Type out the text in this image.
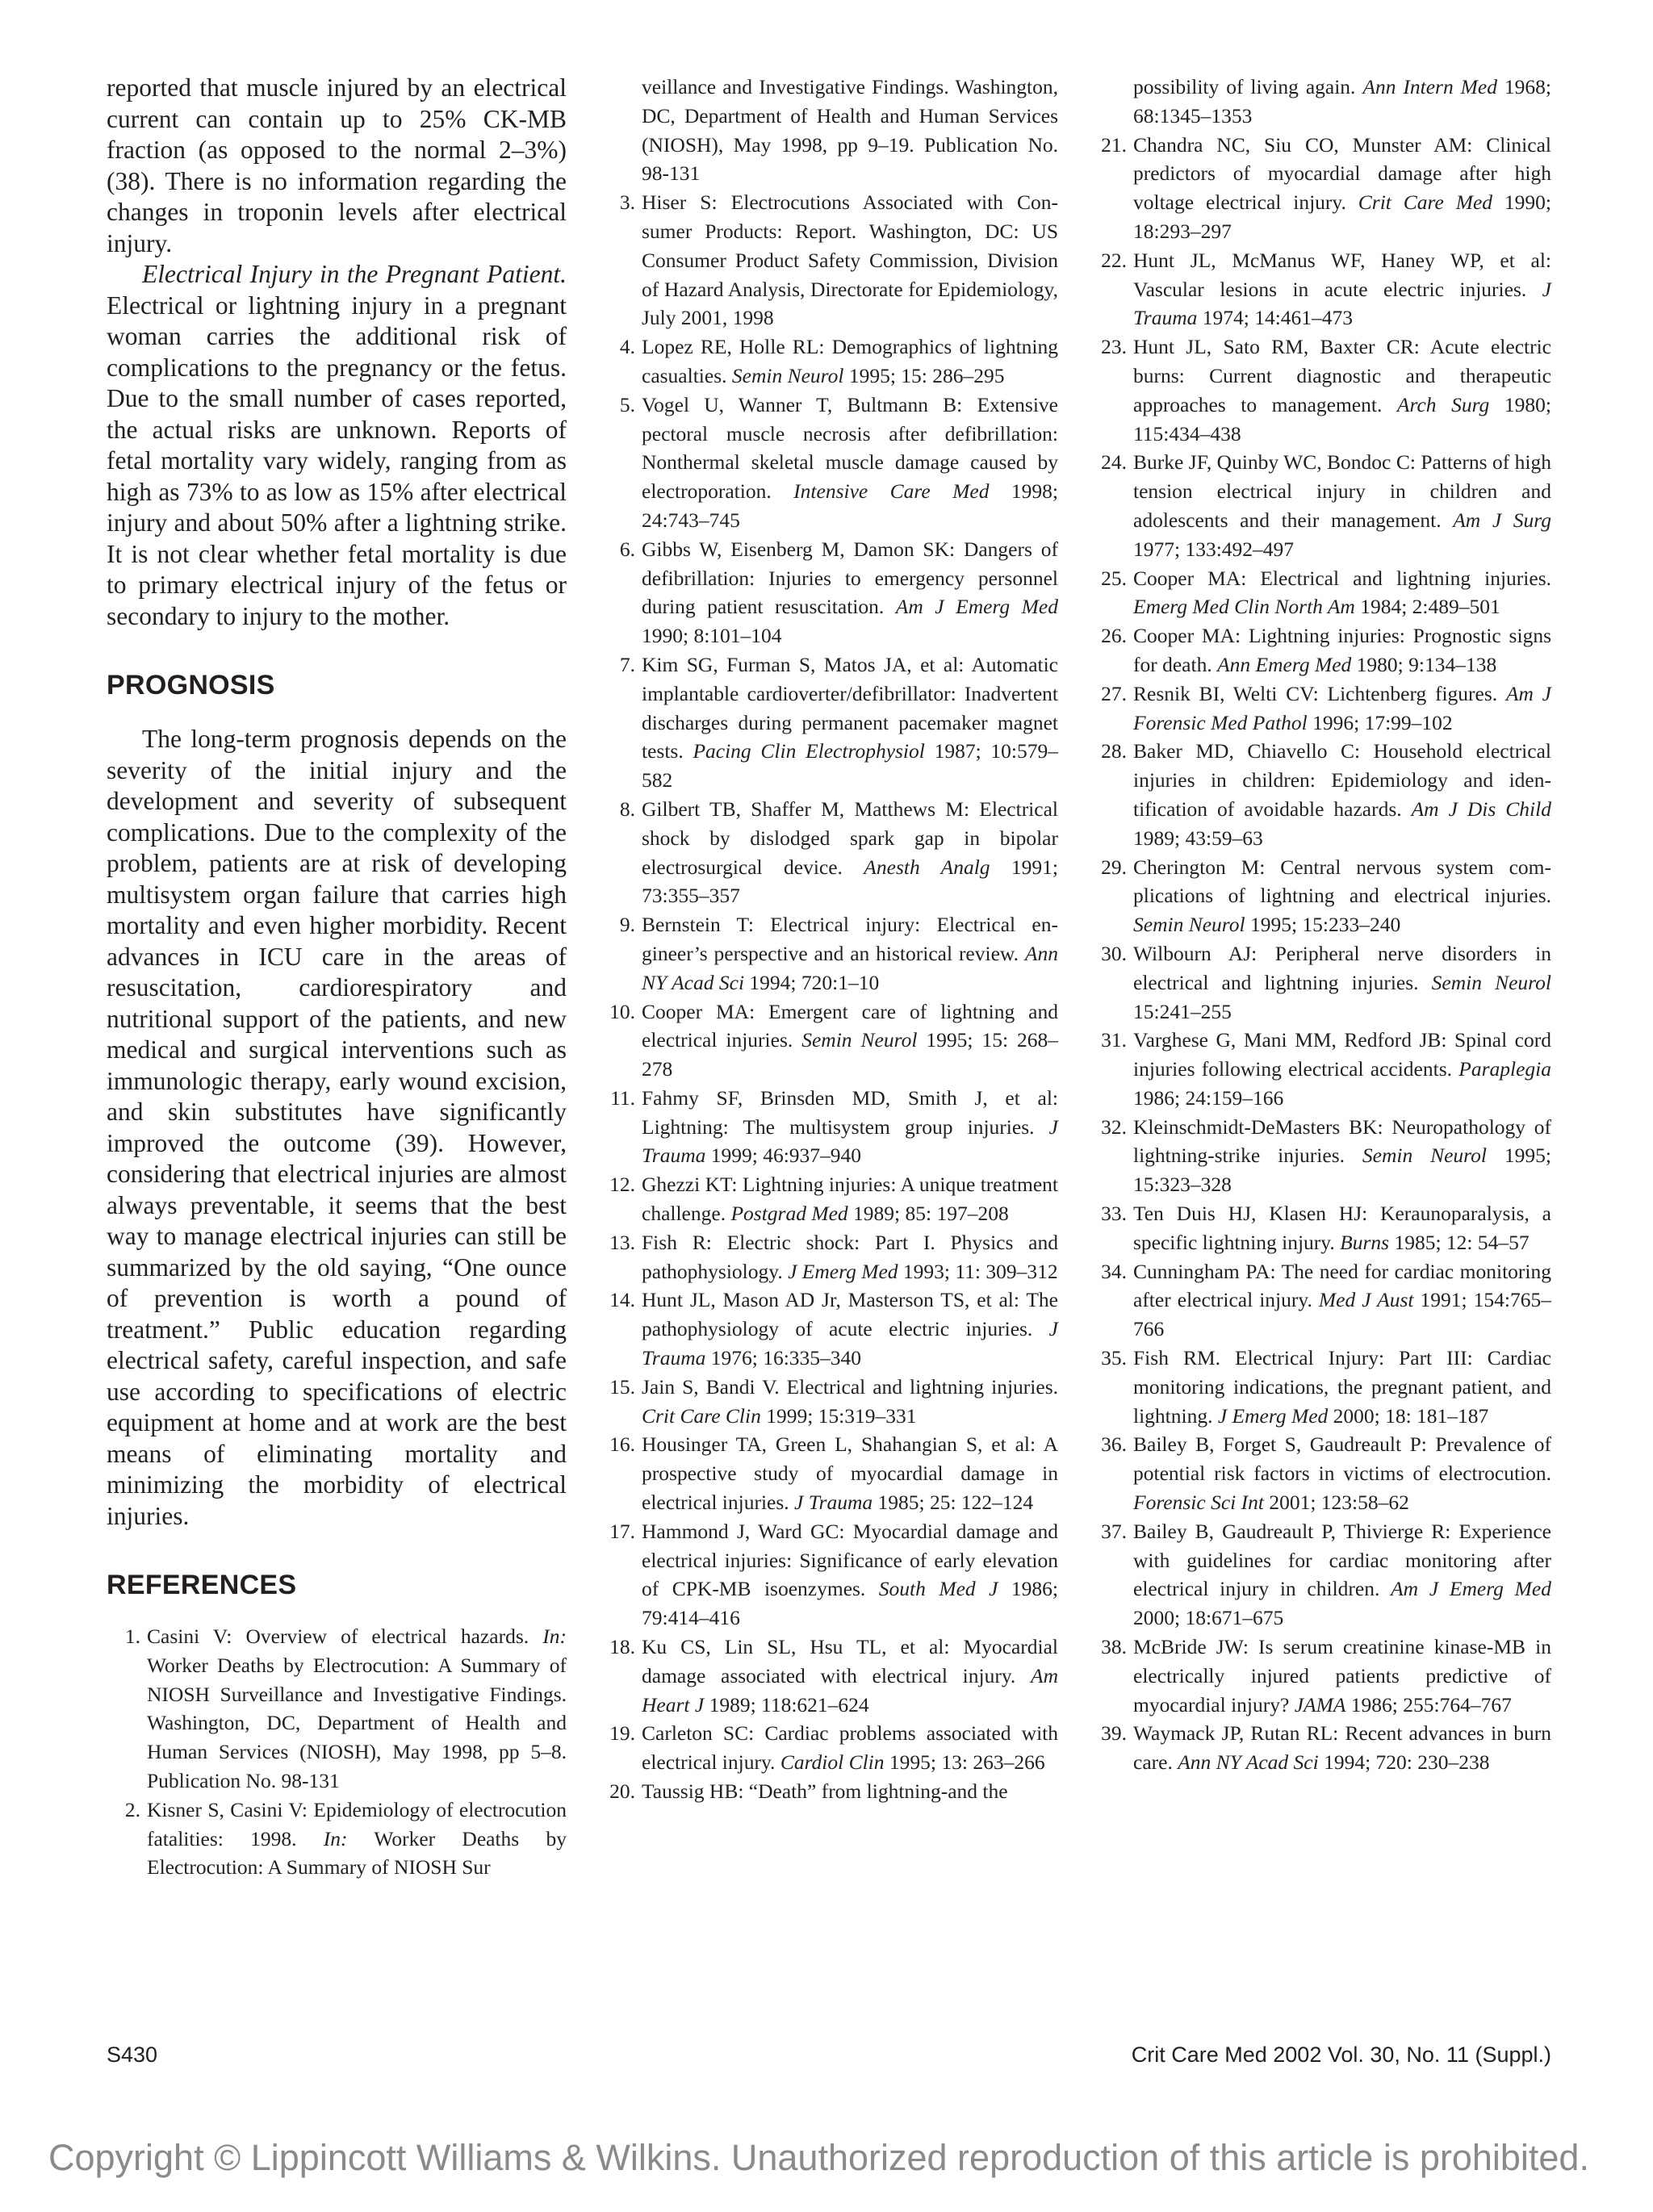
reported that muscle injured by an electrical current can contain up to 25% CK-MB fraction (as opposed to the normal 2–3%) (38). There is no information regarding the changes in troponin levels after electrical injury.

Electrical Injury in the Pregnant Patient. Electrical or lightning injury in a pregnant woman carries the additional risk of complications to the pregnancy or the fetus. Due to the small number of cases reported, the actual risks are unknown. Reports of fetal mortality vary widely, ranging from as high as 73% to as low as 15% after electrical injury and about 50% after a lightning strike. It is not clear whether fetal mortality is due to primary electrical injury of the fetus or secondary to injury to the mother.

PROGNOSIS

The long-term prognosis depends on the severity of the initial injury and the development and severity of subsequent complications. Due to the complexity of the problem, patients are at risk of developing multisystem organ failure that carries high mortality and even higher morbidity. Recent advances in ICU care in the areas of resuscitation, cardiorespiratory and nutritional support of the patients, and new medical and surgical interventions such as immunologic therapy, early wound excision, and skin substitutes have significantly improved the outcome (39). However, considering that electrical injuries are almost always preventable, it seems that the best way to manage electrical injuries can still be summarized by the old saying, “One ounce of prevention is worth a pound of treatment.” Public education regarding electrical safety, careful inspection, and safe use according to specifications of electric equipment at home and at work are the best means of eliminating mortality and minimizing the morbidity of electrical injuries.

REFERENCES
1. Casini V: Overview of electrical hazards. In: Worker Deaths by Electrocution: A Summary of NIOSH Surveillance and Investigative Findings. Washington, DC, Department of Health and Human Services (NIOSH), May 1998, pp 5–8. Publication No. 98-131
2. Kisner S, Casini V: Epidemiology of electrocution fatalities: 1998. In: Worker Deaths by Electrocution: A Summary of NIOSH Sur
veillance and Investigative Findings. Washington, DC, Department of Health and Human Services (NIOSH), May 1998, pp 9–19. Publication No. 98-131
3. Hiser S: Electrocutions Associated with Consumer Products: Report. Washington, DC: US Consumer Product Safety Commission, Division of Hazard Analysis, Directorate for Epidemiology, July 2001, 1998
4. Lopez RE, Holle RL: Demographics of lightning casualties. Semin Neurol 1995; 15: 286–295
5. Vogel U, Wanner T, Bultmann B: Extensive pectoral muscle necrosis after defibrillation: Nonthermal skeletal muscle damage caused by electroporation. Intensive Care Med 1998; 24:743–745
6. Gibbs W, Eisenberg M, Damon SK: Dangers of defibrillation: Injuries to emergency personnel during patient resuscitation. Am J Emerg Med 1990; 8:101–104
7. Kim SG, Furman S, Matos JA, et al: Automatic implantable cardioverter/defibrillator: Inadvertent discharges during permanent pacemaker magnet tests. Pacing Clin Electrophysiol 1987; 10:579–582
8. Gilbert TB, Shaffer M, Matthews M: Electrical shock by dislodged spark gap in bipolar electrosurgical device. Anesth Analg 1991; 73:355–357
9. Bernstein T: Electrical injury: Electrical engineer’s perspective and an historical review. Ann NY Acad Sci 1994; 720:1–10
10. Cooper MA: Emergent care of lightning and electrical injuries. Semin Neurol 1995; 15: 268–278
11. Fahmy SF, Brinsden MD, Smith J, et al: Lightning: The multisystem group injuries. J Trauma 1999; 46:937–940
12. Ghezzi KT: Lightning injuries: A unique treatment challenge. Postgrad Med 1989; 85: 197–208
13. Fish R: Electric shock: Part I. Physics and pathophysiology. J Emerg Med 1993; 11: 309–312
14. Hunt JL, Mason AD Jr, Masterson TS, et al: The pathophysiology of acute electric injuries. J Trauma 1976; 16:335–340
15. Jain S, Bandi V. Electrical and lightning injuries. Crit Care Clin 1999; 15:319–331
16. Housinger TA, Green L, Shahangian S, et al: A prospective study of myocardial damage in electrical injuries. J Trauma 1985; 25: 122–124
17. Hammond J, Ward GC: Myocardial damage and electrical injuries: Significance of early elevation of CPK-MB isoenzymes. South Med J 1986; 79:414–416
18. Ku CS, Lin SL, Hsu TL, et al: Myocardial damage associated with electrical injury. Am Heart J 1989; 118:621–624
19. Carleton SC: Cardiac problems associated with electrical injury. Cardiol Clin 1995; 13: 263–266
20. Taussig HB: “Death” from lightning-and the
possibility of living again. Ann Intern Med 1968; 68:1345–1353
21. Chandra NC, Siu CO, Munster AM: Clinical predictors of myocardial damage after high voltage electrical injury. Crit Care Med 1990; 18:293–297
22. Hunt JL, McManus WF, Haney WP, et al: Vascular lesions in acute electric injuries. J Trauma 1974; 14:461–473
23. Hunt JL, Sato RM, Baxter CR: Acute electric burns: Current diagnostic and therapeutic approaches to management. Arch Surg 1980; 115:434–438
24. Burke JF, Quinby WC, Bondoc C: Patterns of high tension electrical injury in children and adolescents and their management. Am J Surg 1977; 133:492–497
25. Cooper MA: Electrical and lightning injuries. Emerg Med Clin North Am 1984; 2:489–501
26. Cooper MA: Lightning injuries: Prognostic signs for death. Ann Emerg Med 1980; 9:134–138
27. Resnik BI, Welti CV: Lichtenberg figures. Am J Forensic Med Pathol 1996; 17:99–102
28. Baker MD, Chiavello C: Household electrical injuries in children: Epidemiology and identification of avoidable hazards. Am J Dis Child 1989; 43:59–63
29. Cherington M: Central nervous system complications of lightning and electrical injuries. Semin Neurol 1995; 15:233–240
30. Wilbourn AJ: Peripheral nerve disorders in electrical and lightning injuries. Semin Neurol 15:241–255
31. Varghese G, Mani MM, Redford JB: Spinal cord injuries following electrical accidents. Paraplegia 1986; 24:159–166
32. Kleinschmidt-DeMasters BK: Neuropathology of lightning-strike injuries. Semin Neurol 1995; 15:323–328
33. Ten Duis HJ, Klasen HJ: Keraunoparalysis, a specific lightning injury. Burns 1985; 12: 54–57
34. Cunningham PA: The need for cardiac monitoring after electrical injury. Med J Aust 1991; 154:765–766
35. Fish RM. Electrical Injury: Part III: Cardiac monitoring indications, the pregnant patient, and lightning. J Emerg Med 2000; 18: 181–187
36. Bailey B, Forget S, Gaudreault P: Prevalence of potential risk factors in victims of electrocution. Forensic Sci Int 2001; 123:58–62
37. Bailey B, Gaudreault P, Thivierge R: Experience with guidelines for cardiac monitoring after electrical injury in children. Am J Emerg Med 2000; 18:671–675
38. McBride JW: Is serum creatinine kinase-MB in electrically injured patients predictive of myocardial injury? JAMA 1986; 255:764–767
39. Waymack JP, Rutan RL: Recent advances in burn care. Ann NY Acad Sci 1994; 720: 230–238
S430	Crit Care Med 2002 Vol. 30, No. 11 (Suppl.)
Copyright © Lippincott Williams & Wilkins. Unauthorized reproduction of this article is prohibited.
